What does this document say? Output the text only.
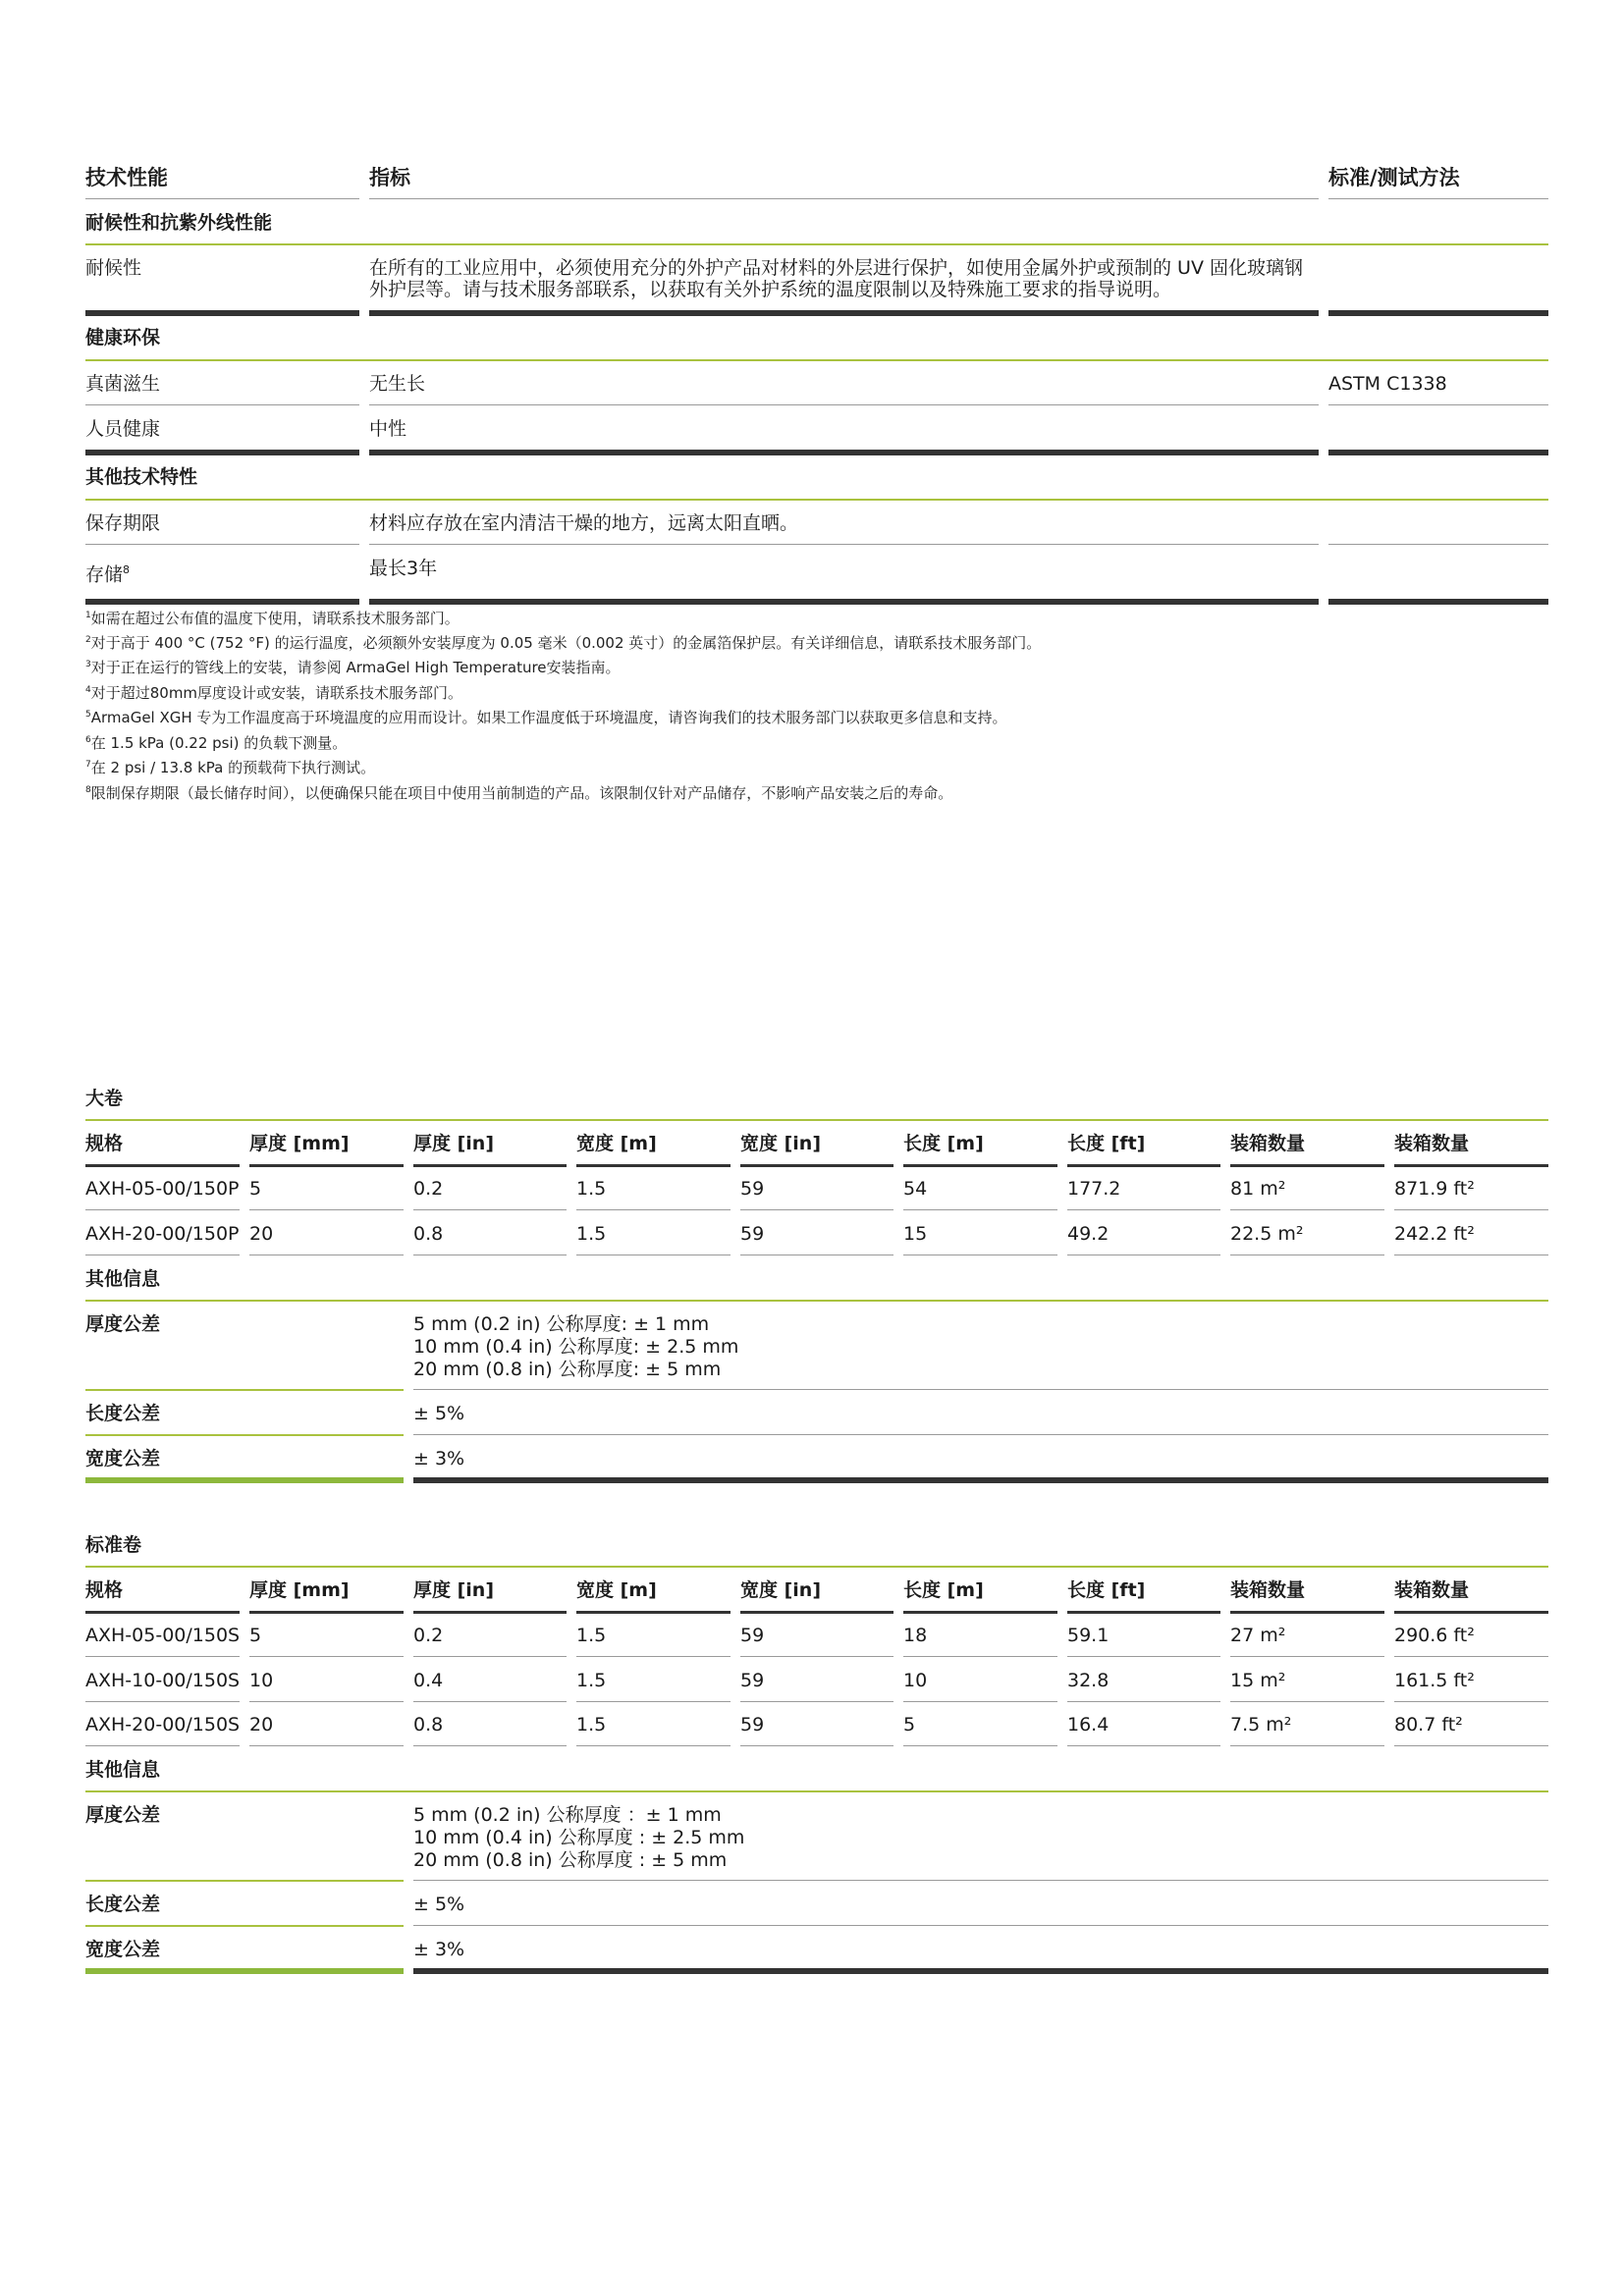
技术性能	指标	标准/测试方法
耐候性和抗紫外线性能
耐候性	在所有的工业应用中，必须使用充分的外护产品对材料的外层进行保护，如使用金属外护或预制的 UV 固化玻璃钢外护层等。请与技术服务部联系，以获取有关外护系统的温度限制以及特殊施工要求的指导说明。
健康环保
真菌滋生	无生长	ASTM C1338
人员健康	中性
其他技术特性
保存期限	材料应存放在室内清洁干燥的地方，远离太阳直晒。
存储$^8$	最长3年
$^1$如需在超过公布值的温度下使用，请联系技术服务部门。
$^2$对于高于 400 °C (752 °F) 的运行温度，必须额外安装厚度为 0.05 毫米（0.002 英寸）的金属箔保护层。有关详细信息，请联系技术服务部门。
$^3$对于正在运行的管线上的安装，请参阅 ArmaGel High Temperature安装指南。
$^4$对于超过80mm厚度设计或安装，请联系技术服务部门。
$^5$ArmaGel XGH 专为工作温度高于环境温度的应用而设计。如果工作温度低于环境温度，请咨询我们的技术服务部门以获取更多信息和支持。
$^6$在 1.5 kPa (0.22 psi) 的负载下测量。
$^7$在 2 psi / 13.8 kPa 的预载荷下执行测试。
$^8$限制保存期限（最长储存时间），以便确保只能在项目中使用当前制造的产品。该限制仅针对产品储存，不影响产品安装之后的寿命。
大卷
规格	厚度 [mm]	厚度 [in]	宽度 [m]	宽度 [in]	长度 [m]	长度 [ft]	装箱数量	装箱数量
AXH-05-00/150P 5	0.2	1.5	59	54	177.2	81 m²	871.9 ft²
AXH-20-00/150P 20	0.8	1.5	59	15	49.2	22.5 m²	242.2 ft²
其他信息
厚度公差	5 mm (0.2 in) 公称厚度: ± 1 mm
10 mm (0.4 in) 公称厚度: ± 2.5 mm
20 mm (0.8 in) 公称厚度: ± 5 mm
长度公差	± 5%
宽度公差	± 3%
标准卷
规格	厚度 [mm]	厚度 [in]	宽度 [m]	宽度 [in]	长度 [m]	长度 [ft]	装箱数量	装箱数量
AXH-05-00/150S 5	0.2	1.5	59	18	59.1	27 m²	290.6 ft²
AXH-10-00/150S 10	0.4	1.5	59	10	32.8	15 m²	161.5 ft²
AXH-20-00/150S 20	0.8	1.5	59	5	16.4	7.5 m²	80.7 ft²
其他信息
厚度公差	5 mm (0.2 in) 公称厚度 ：± 1 mm
10 mm (0.4 in) 公称厚度 : ± 2.5 mm
20 mm (0.8 in) 公称厚度 : ± 5 mm
长度公差	± 5%
宽度公差	± 3%
